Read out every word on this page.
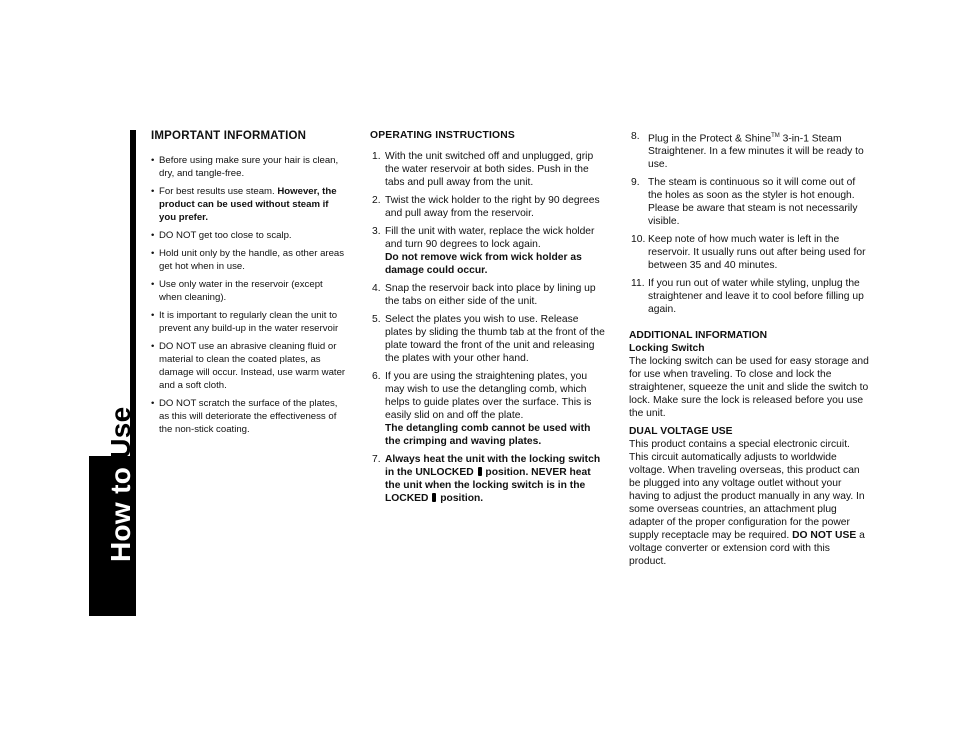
How to Use
IMPORTANT INFORMATION
• Before using make sure your hair is clean, dry, and tangle-free.
• For best results use steam. However, the product can be used without steam if you prefer.
• DO NOT get too close to scalp.
• Hold unit only by the handle, as other areas get hot when in use.
• Use only water in the reservoir (except when cleaning).
• It is important to regularly clean the unit to prevent any build-up in the water reservoir
• DO NOT use an abrasive cleaning fluid or material to clean the coated plates, as damage will occur. Instead, use warm water and a soft cloth.
• DO NOT scratch the surface of the plates, as this will deteriorate the effectiveness of the non-stick coating.
OPERATING INSTRUCTIONS
1. With the unit switched off and unplugged, grip the water reservoir at both sides. Push in the tabs and pull away from the unit.
2. Twist the wick holder to the right by 90 degrees and pull away from the reservoir.
3. Fill the unit with water, replace the wick holder and turn 90 degrees to lock again.
Do not remove wick from wick holder as damage could occur.
4. Snap the reservoir back into place by lining up the tabs on either side of the unit.
5. Select the plates you wish to use. Release plates by sliding the thumb tab at the front of the plate toward the front of the unit and releasing the plates with your other hand.
6. If you are using the straightening plates, you may wish to use the detangling comb, which helps to guide plates over the surface. This is easily slid on and off the plate.
The detangling comb cannot be used with the crimping and waving plates.
7. Always heat the unit with the locking switch in the UNLOCKED position. NEVER heat the unit when the locking switch is in the LOCKED position.
8. Plug in the Protect & Shine™ 3-in-1 Steam Straightener. In a few minutes it will be ready to use.
9. The steam is continuous so it will come out of the holes as soon as the styler is hot enough. Please be aware that steam is not necessarily visible.
10. Keep note of how much water is left in the reservoir. It usually runs out after being used for between 35 and 40 minutes.
11. If you run out of water while styling, unplug the straightener and leave it to cool before filling up again.

ADDITIONAL INFORMATION

Locking Switch

The locking switch can be used for easy storage and for use when traveling. To close and lock the straightener, squeeze the unit and slide the switch to lock. Make sure the lock is released before you use the unit.

DUAL VOLTAGE USE

This product contains a special electronic circuit. This circuit automatically adjusts to worldwide voltage. When traveling overseas, this product can be plugged into any voltage outlet without your having to adjust the product manually in any way. In some overseas countries, an attachment plug adapter of the proper configuration for the power supply receptacle may be required. DO NOT USE a voltage converter or extension cord with this product.
